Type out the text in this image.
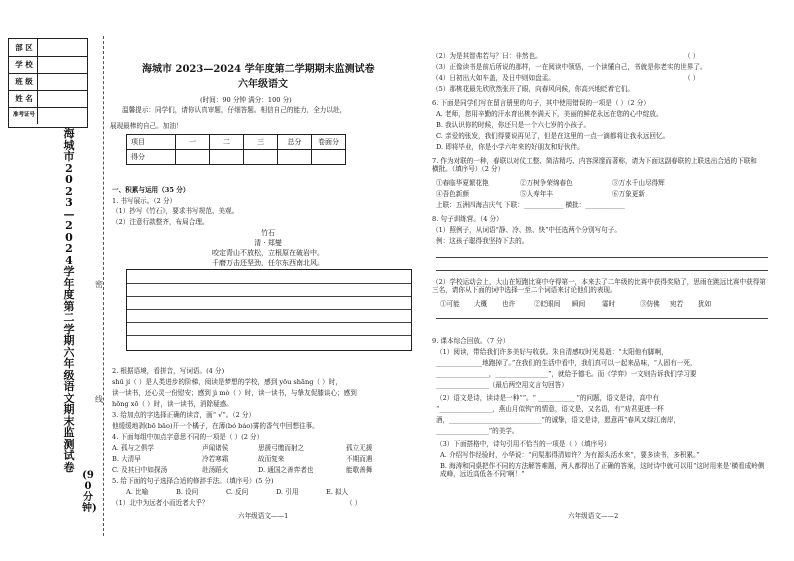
部 区
学 校
班 级
姓 名
准考证号
海城市2023—2024学年度第二学期六年级语文期末监测试卷
(90分钟)
密
线
海城市 2023—2024 学年度第二学期期末监测试卷
六年级语文
(时间：90 分钟 满分：100 分)
温馨提示：同学们，请你认真审题，仔细答题。相信自己的能力，全力以赴，
展现最棒的自己。加油！
项目	一	二	三	总分	卷面分
得分					
一、积累与运用（35 分）
1. 书写展示。（2 分）
（1）抄写《竹石》，要求书写规范、美观。
（2）注意行款整齐，布局合理。
竹石
清 · 郑燮
咬定青山不放松，立根原在破岩中。
千磨万击还坚劲，任尔东西南北风。
2. 根据语境，看拼音，写词语。(4 分)
shū jí（ ）是人类进步的阶梯，阅读是梦想的学校，感到 yōu shāng（ ）时，
读一读书，还心灵一份慰安；感到 jì mò（ ）时，读一读书，与挚友促膝谈心；感到
hōng xō（ ）时，读一读书，消除疑惑。
3. 给加点的字选择正确的读音，画“ √”。（2 分）
他缓缓地剥(bō bāo)开一个橘子，在薄(bó báo)雾的香气中回想往事。
4. 下面每组中加点字意思不同的一项是（ ）(2 分）
A. 孤与之俱学	声闻诸侯	思援弓缴而射之	孤立无援
B. 大清早	冷若寒霜	故而复来	不期而遇
C. 及其日中如探汤	赴汤蹈火	D. 通国之善弈者也	能歌善舞
5. 给下面的句子选择合适的修辞手法。（填序号）(5 分)
A. 比喻	B. 设问	C. 反问	D. 引用	E. 拟人
（1）北中为远者小而近者大乎？	（ ）
六年级语文——1
（2）为是其智弗若与？曰：非然也。	（ ）
（3）正像读书是前后所说的那样，一在阅读中领悟，一个读懂自己，书就是你老实的世界了。
（4）日初出大如车盖，及日中则如盘盂。	（ ）
（5）那桃花最先欣欣然张开了眼，向春风问候，你高兴地眨着它们。
6. 下面是同学们写在留言册里的句子，其中使用错误的一项是（ ）（2 分）
A. 老师，您用辛勤的汗水育出桃李满天下，美丽的鲜花永远在您的心中绽放。
B. 我认识你的时候，你还只是一个六七岁的小孩子。
C. 亲爱的张发，我们得要说再见了，但是在这里的一点一滴都将让我永远回忆。
D. 即将毕业，你是小学六年来的好朋友和好伙伴。
7. 作为对联的一种，春联以对仗工整、简洁精巧、内容深邃而著称，请为下面这副春联的上联选出合适的下联和横批。（填序号）（2 分）
①春临华夏繁花艳	②万树争荣绵春色	③万水千山尽得辉
④吾色新颜	⑤人寿年丰	⑥万象更新
上联：五洲四海吉庆气 下联：____________ 横批：____________
8. 句子训练营。（4 分）
（1）照例子，从词语“静、冷、热、快”中任选两个分别写句子。
例：这孩子聪得我坚持下去的。
（2）学校运动会上，大山在短跑比赛中夺得第一，本来去了二年级的比赛中获得奖励了，思雨在跳远比赛中获得第三名，请你从下面的词中选择一至二个词语来讨论他们的表现。
①可能 大概 也许	②眨眼间 瞬间	霎时	③仿佛 宛若 犹如
9. 课本综合回放。（7 分）
（1）阅读，带给我们许多美好与收获。朱自清感叹时光易逝：“太阳他有脚啊，
______________地跑掉了。”在我们的生活中看中，我们真可以一起来品味，“人固有一死，
________________，________________”，就给予德毛。而《学弈》一文则告诉我们学习要
________________（最后两空用文言句回答）
（2）语文是诗，读诗是一种“”。“ ___________ ”的问题，语文是诗，高中有
“________________，燕山月似钩”的情意，语文是，又名语，有“劝君更进一杯
酒，____________________________”的诚挚，语文是诗，愿意再“春风又绿江南岸，
________________”的美学。
（3）下面搭格中，诗句引用不恰当的一项是（ ）（填序号）
A. 介绍写作经验时，小华说：“问渠那得清如许？为有源头活水来”，要多读书，多积累。”
B. 海涛和同桌把作不同的方法解答难题，两人都得出了正确的答案，这时诗中就可以用“这时用来是‘横看成岭侧成峰，远近高低各不同’啊！”
六年级语文——2
